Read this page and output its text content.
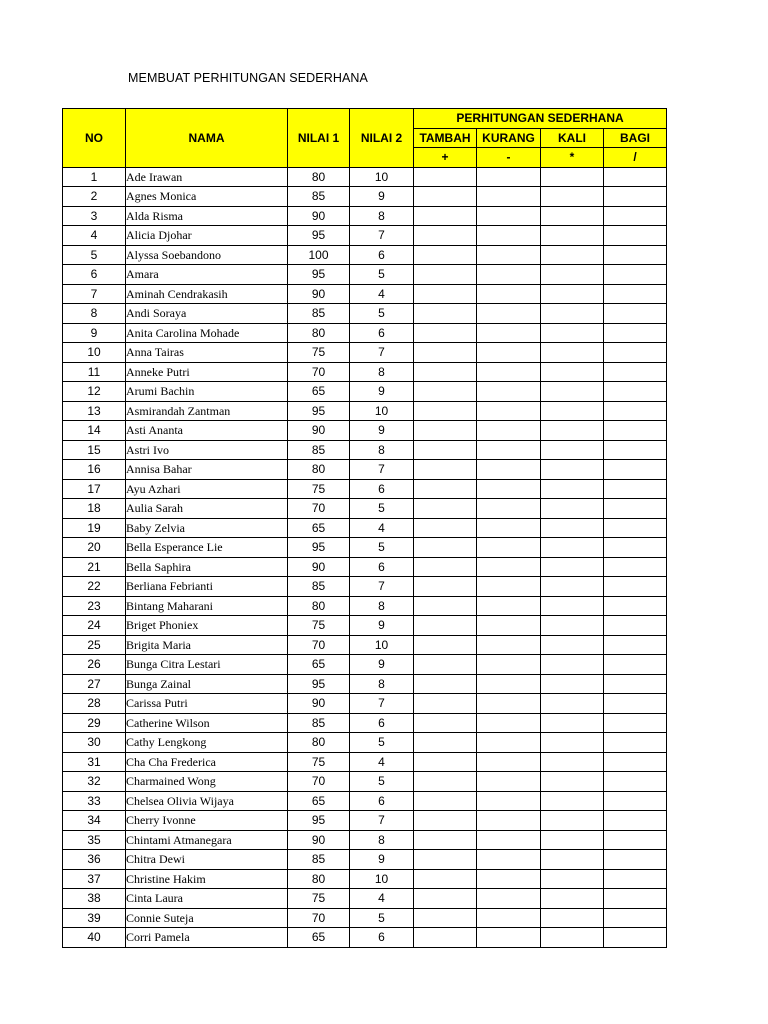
MEMBUAT PERHITUNGAN SEDERHANA
NO	NAMA	NILAI 1	NILAI 2	PERHITUNGAN SEDERHANA			
				TAMBAH	KURANG	KALI	BAGI
				+	-	*	/
1	Ade Irawan	80	10				
2	Agnes Monica	85	9				
3	Alda Risma	90	8				
4	Alicia Djohar	95	7				
5	Alyssa Soebandono	100	6				
6	Amara	95	5				
7	Aminah Cendrakasih	90	4				
8	Andi Soraya	85	5				
9	Anita Carolina Mohade	80	6				
10	Anna Tairas	75	7				
11	Anneke Putri	70	8				
12	Arumi Bachin	65	9				
13	Asmirandah Zantman	95	10				
14	Asti Ananta	90	9				
15	Astri Ivo	85	8				
16	Annisa Bahar	80	7				
17	Ayu Azhari	75	6				
18	Aulia Sarah	70	5				
19	Baby Zelvia	65	4				
20	Bella Esperance Lie	95	5				
21	Bella Saphira	90	6				
22	Berliana Febrianti	85	7				
23	Bintang Maharani	80	8				
24	Briget Phoniex	75	9				
25	Brigita Maria	70	10				
26	Bunga Citra Lestari	65	9				
27	Bunga Zainal	95	8				
28	Carissa Putri	90	7				
29	Catherine Wilson	85	6				
30	Cathy Lengkong	80	5				
31	Cha Cha Frederica	75	4				
32	Charmained Wong	70	5				
33	Chelsea Olivia Wijaya	65	6				
34	Cherry Ivonne	95	7				
35	Chintami Atmanegara	90	8				
36	Chitra Dewi	85	9				
37	Christine Hakim	80	10				
38	Cinta Laura	75	4				
39	Connie Suteja	70	5				
40	Corri Pamela	65	6				
